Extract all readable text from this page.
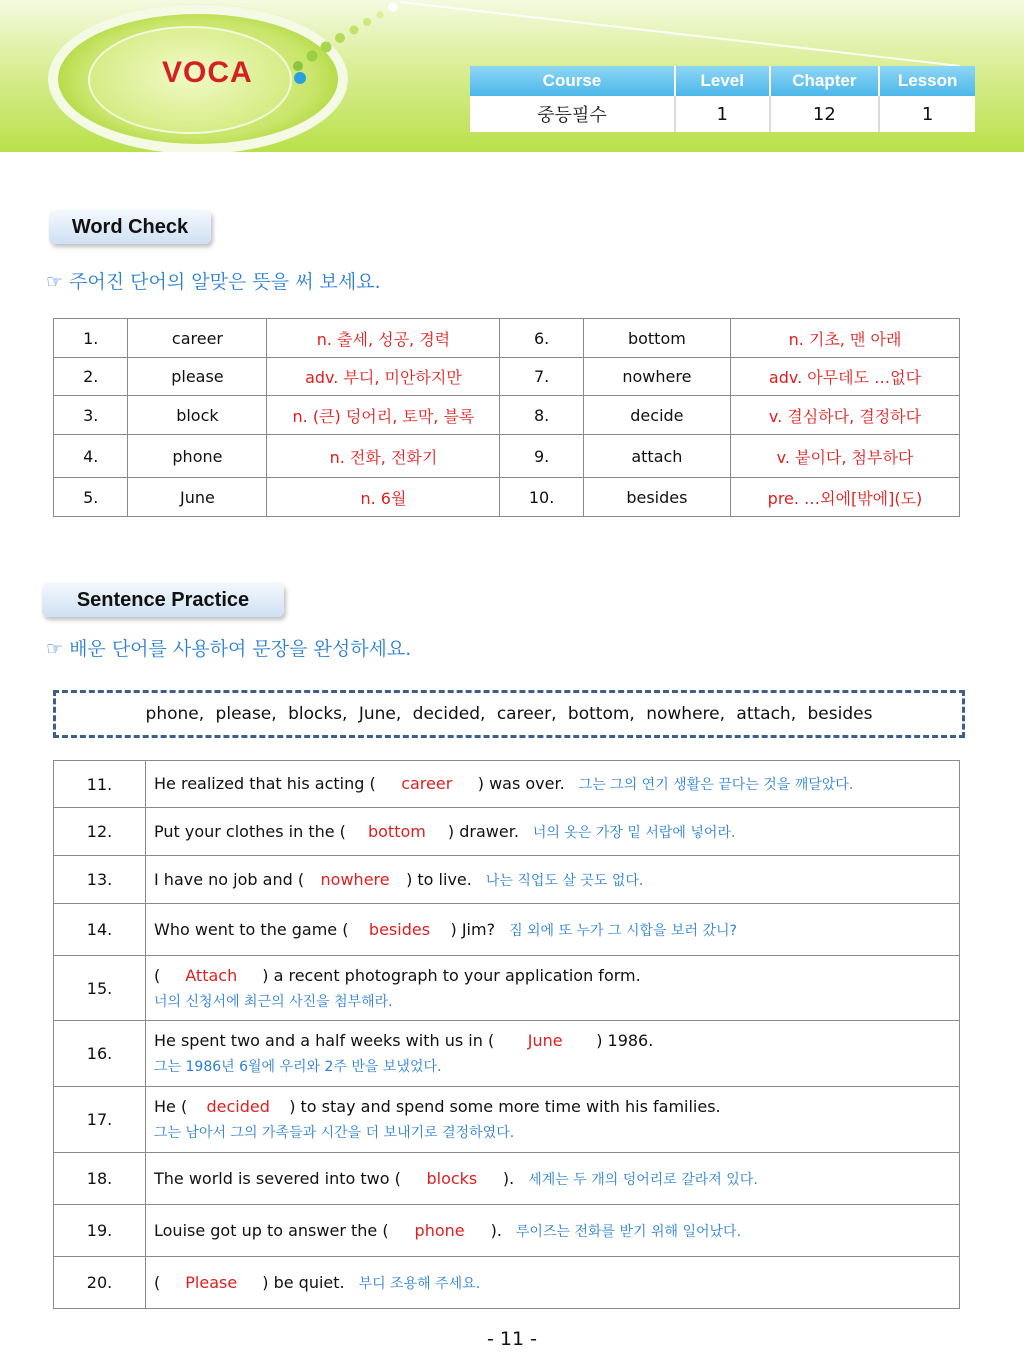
VOCA	Course	Level	Chapter	Lesson
중등필수	1	12	1
Word Check
☞ 주어진 단어의 알맞은 뜻을 써 보세요.
1.	career	n. 출세, 성공, 경력	6.	bottom	n. 기초, 맨 아래
2.	please	adv. 부디, 미안하지만	7.	nowhere	adv. 아무데도 …없다
3.	block	n. (큰) 덩어리, 토막, 블록	8.	decide	v. 결심하다, 결정하다
4.	phone	n. 전화, 전화기	9.	attach	v. 붙이다, 첨부하다
5.	June	n. 6월	10.	besides	pre. …외에[밖에](도)
Sentence Practice
☞ 배운 단어를 사용하여 문장을 완성하세요.
phone, please, blocks, June, decided, career, bottom, nowhere, attach, besides
11.	He realized that his acting ( career ) was over. 그는 그의 연기 생활은 끝다는 것을 깨달았다.
12.	Put your clothes in the ( bottom ) drawer. 너의 옷은 가장 밑 서랍에 넣어라.
13.	I have no job and ( nowhere ) to live. 나는 직업도 살 곳도 없다.
14.	Who went to the game ( besides ) Jim? 짐 외에 또 누가 그 시합을 보러 갔니?
15.	( Attach ) a recent photograph to your application form.
너의 신청서에 최근의 사진을 첨부해라.

16.	He spent two and a half weeks with us in ( June ) 1986.
그는 1986년 6월에 우리와 2주 반을 보냈었다.

17.	He ( decided ) to stay and spend some more time with his families.
그는 남아서 그의 가족들과 시간을 더 보내기로 결정하였다.

18.	The world is severed into two ( blocks ). 세계는 두 개의 덩어리로 갈라져 있다.
19.	Louise got up to answer the ( phone ). 루이즈는 전화를 받기 위해 일어났다.
20.	( Please ) be quiet. 부디 조용해 주세요.
- 11 -
